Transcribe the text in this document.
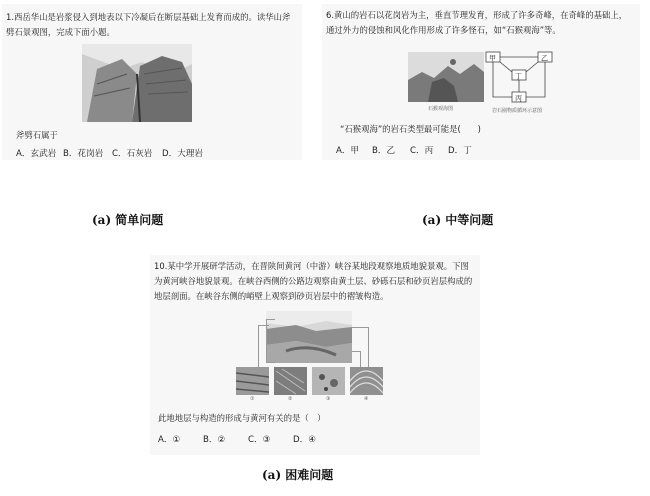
1.西岳华山是岩浆侵入到地表以下冷凝后在断层基础上发育而成的。读华山斧劈石景观图，完成下面小题。
斧劈石属于
A．玄武岩 B．花岗岩	C．石灰岩	D．大理岩
(a) 简单问题
6.黄山的岩石以花岗岩为主，垂直节理发育，形成了许多奇峰，在奇峰的基础上，通过外力的侵蚀和风化作用形成了许多怪石，如“石猴观海”等。
石猴观海图
甲	乙
丁
丙
岩石圈物质循环示意图
“石猴观海”的岩石类型最可能是(　　)
A．甲	B．乙	C．丙	D．丁
(a) 中等问题
10.某中学开展研学活动，在晋陕间黄河（中游）峡谷某地段观察地质地貌景观。下图为黄河峡谷地貌景观。在峡谷西侧的公路边观察由黄土层、砂砾石层和砂页岩层构成的地层剖面。在峡谷东侧的峭壁上观察到砂页岩层中的褶皱构造。
①	②	③	④
此地地层与构造的形成与黄河有关的是（　）
A．①	B．②	C．③	D．④
(a) 困难问题
